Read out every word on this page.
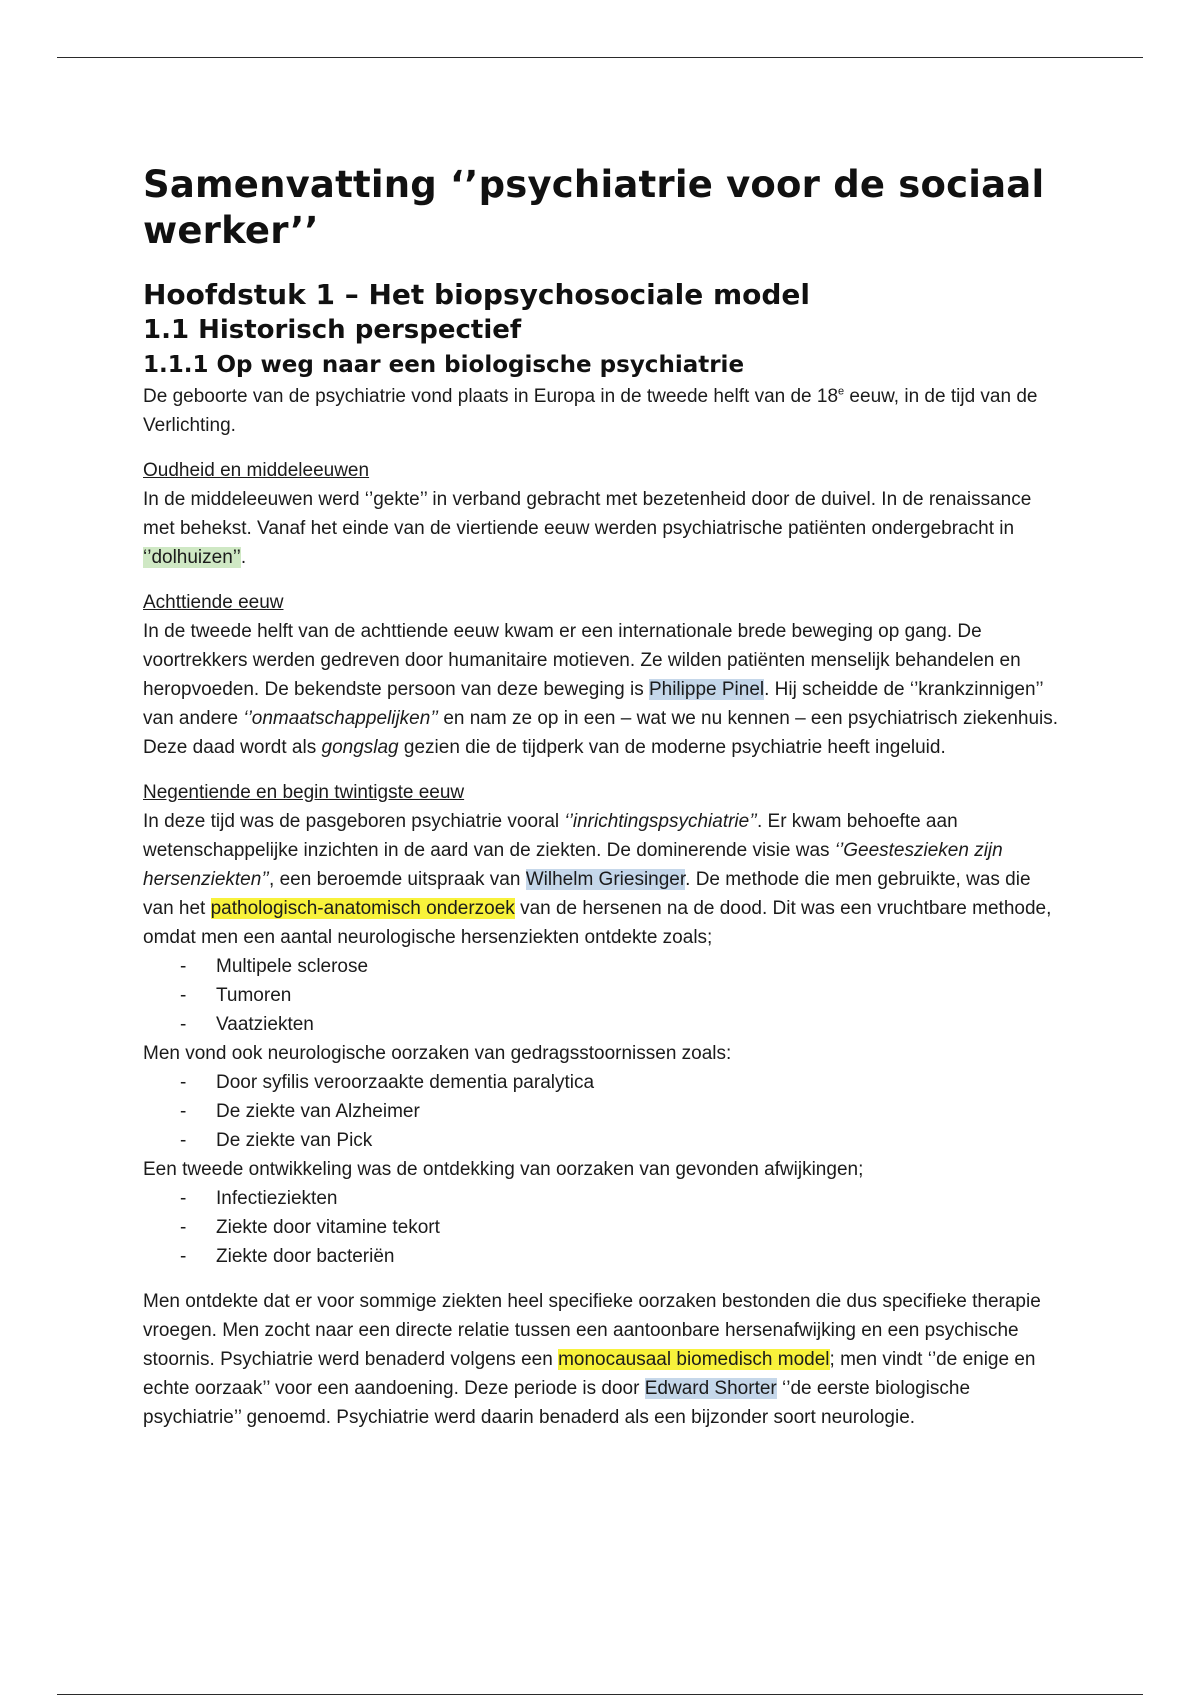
Samenvatting ‘’psychiatrie voor de sociaal werker’’
Hoofdstuk 1 – Het biopsychosociale model
1.1 Historisch perspectief
1.1.1 Op weg naar een biologische psychiatrie

De geboorte van de psychiatrie vond plaats in Europa in de tweede helft van de 18e eeuw, in de tijd van de Verlichting.

Oudheid en middeleeuwen

In de middeleeuwen werd ‘’gekte’’ in verband gebracht met bezetenheid door de duivel. In de renaissance met behekst. Vanaf het einde van de viertiende eeuw werden psychiatrische patiënten ondergebracht in ‘’dolhuizen’’.

Achttiende eeuw

In de tweede helft van de achttiende eeuw kwam er een internationale brede beweging op gang. De voortrekkers werden gedreven door humanitaire motieven. Ze wilden patiënten menselijk behandelen en heropvoeden. De bekendste persoon van deze beweging is Philippe Pinel. Hij scheidde de ‘’krankzinnigen’’ van andere ‘’onmaatschappelijken’’ en nam ze op in een – wat we nu kennen – een psychiatrisch ziekenhuis. Deze daad wordt als gongslag gezien die de tijdperk van de moderne psychiatrie heeft ingeluid.

Negentiende en begin twintigste eeuw

In deze tijd was de pasgeboren psychiatrie vooral ‘’inrichtingspsychiatrie’’. Er kwam behoefte aan wetenschappelijke inzichten in de aard van de ziekten. De dominerende visie was ‘’Geesteszieken zijn hersenziekten’’, een beroemde uitspraak van Wilhelm Griesinger. De methode die men gebruikte, was die van het pathologisch-anatomisch onderzoek van de hersenen na de dood. Dit was een vruchtbare methode, omdat men een aantal neurologische hersenziekten ontdekte zoals;

- Multipele sclerose
- Tumoren
- Vaatziekten

Men vond ook neurologische oorzaken van gedragsstoornissen zoals:

- Door syfilis veroorzaakte dementia paralytica
- De ziekte van Alzheimer
- De ziekte van Pick

Een tweede ontwikkeling was de ontdekking van oorzaken van gevonden afwijkingen;

- Infectieziekten
- Ziekte door vitamine tekort
- Ziekte door bacteriën

Men ontdekte dat er voor sommige ziekten heel specifieke oorzaken bestonden die dus specifieke therapie vroegen. Men zocht naar een directe relatie tussen een aantoonbare hersenafwijking en een psychische stoornis. Psychiatrie werd benaderd volgens een monocausaal biomedisch model; men vindt ‘’de enige en echte oorzaak’’ voor een aandoening. Deze periode is door Edward Shorter ‘’de eerste biologische psychiatrie’’ genoemd. Psychiatrie werd daarin benaderd als een bijzonder soort neurologie.
